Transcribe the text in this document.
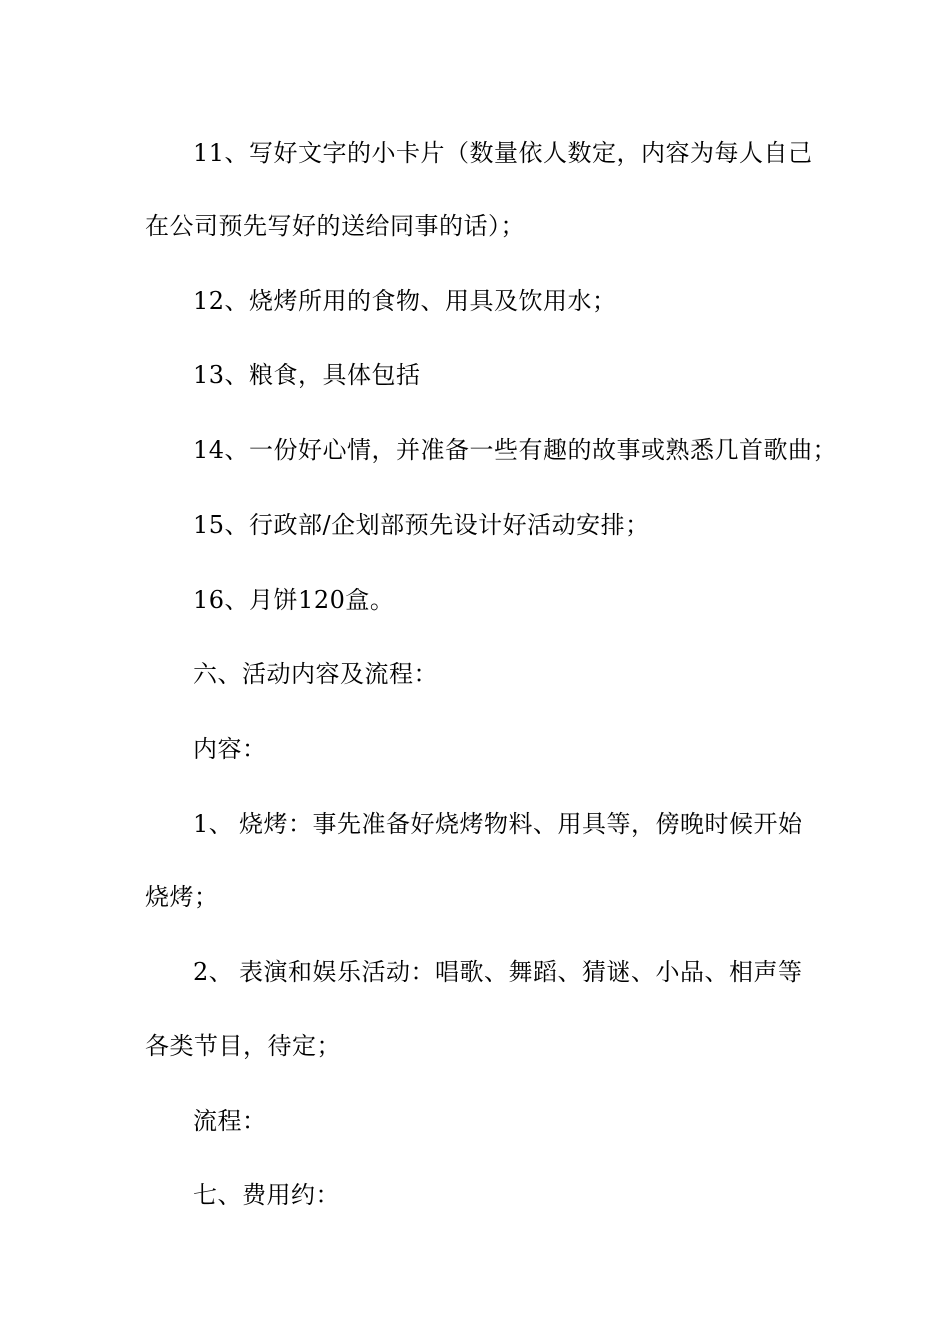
11、写好文字的小卡片（数量依人数定，内容为每人自己
在公司预先写好的送给同事的话）；
12、烧烤所用的食物、用具及饮用水；
13、粮食，具体包括
14、一份好心情，并准备一些有趣的故事或熟悉几首歌曲；
15、行政部/企划部预先设计好活动安排；
16、月饼120盒。
六、活动内容及流程：
内容：
1、 烧烤：事先准备好烧烤物料、用具等，傍晚时候开始
烧烤；
2、 表演和娱乐活动：唱歌、舞蹈、猜谜、小品、相声等
各类节目，待定；
流程：
七、费用约：
